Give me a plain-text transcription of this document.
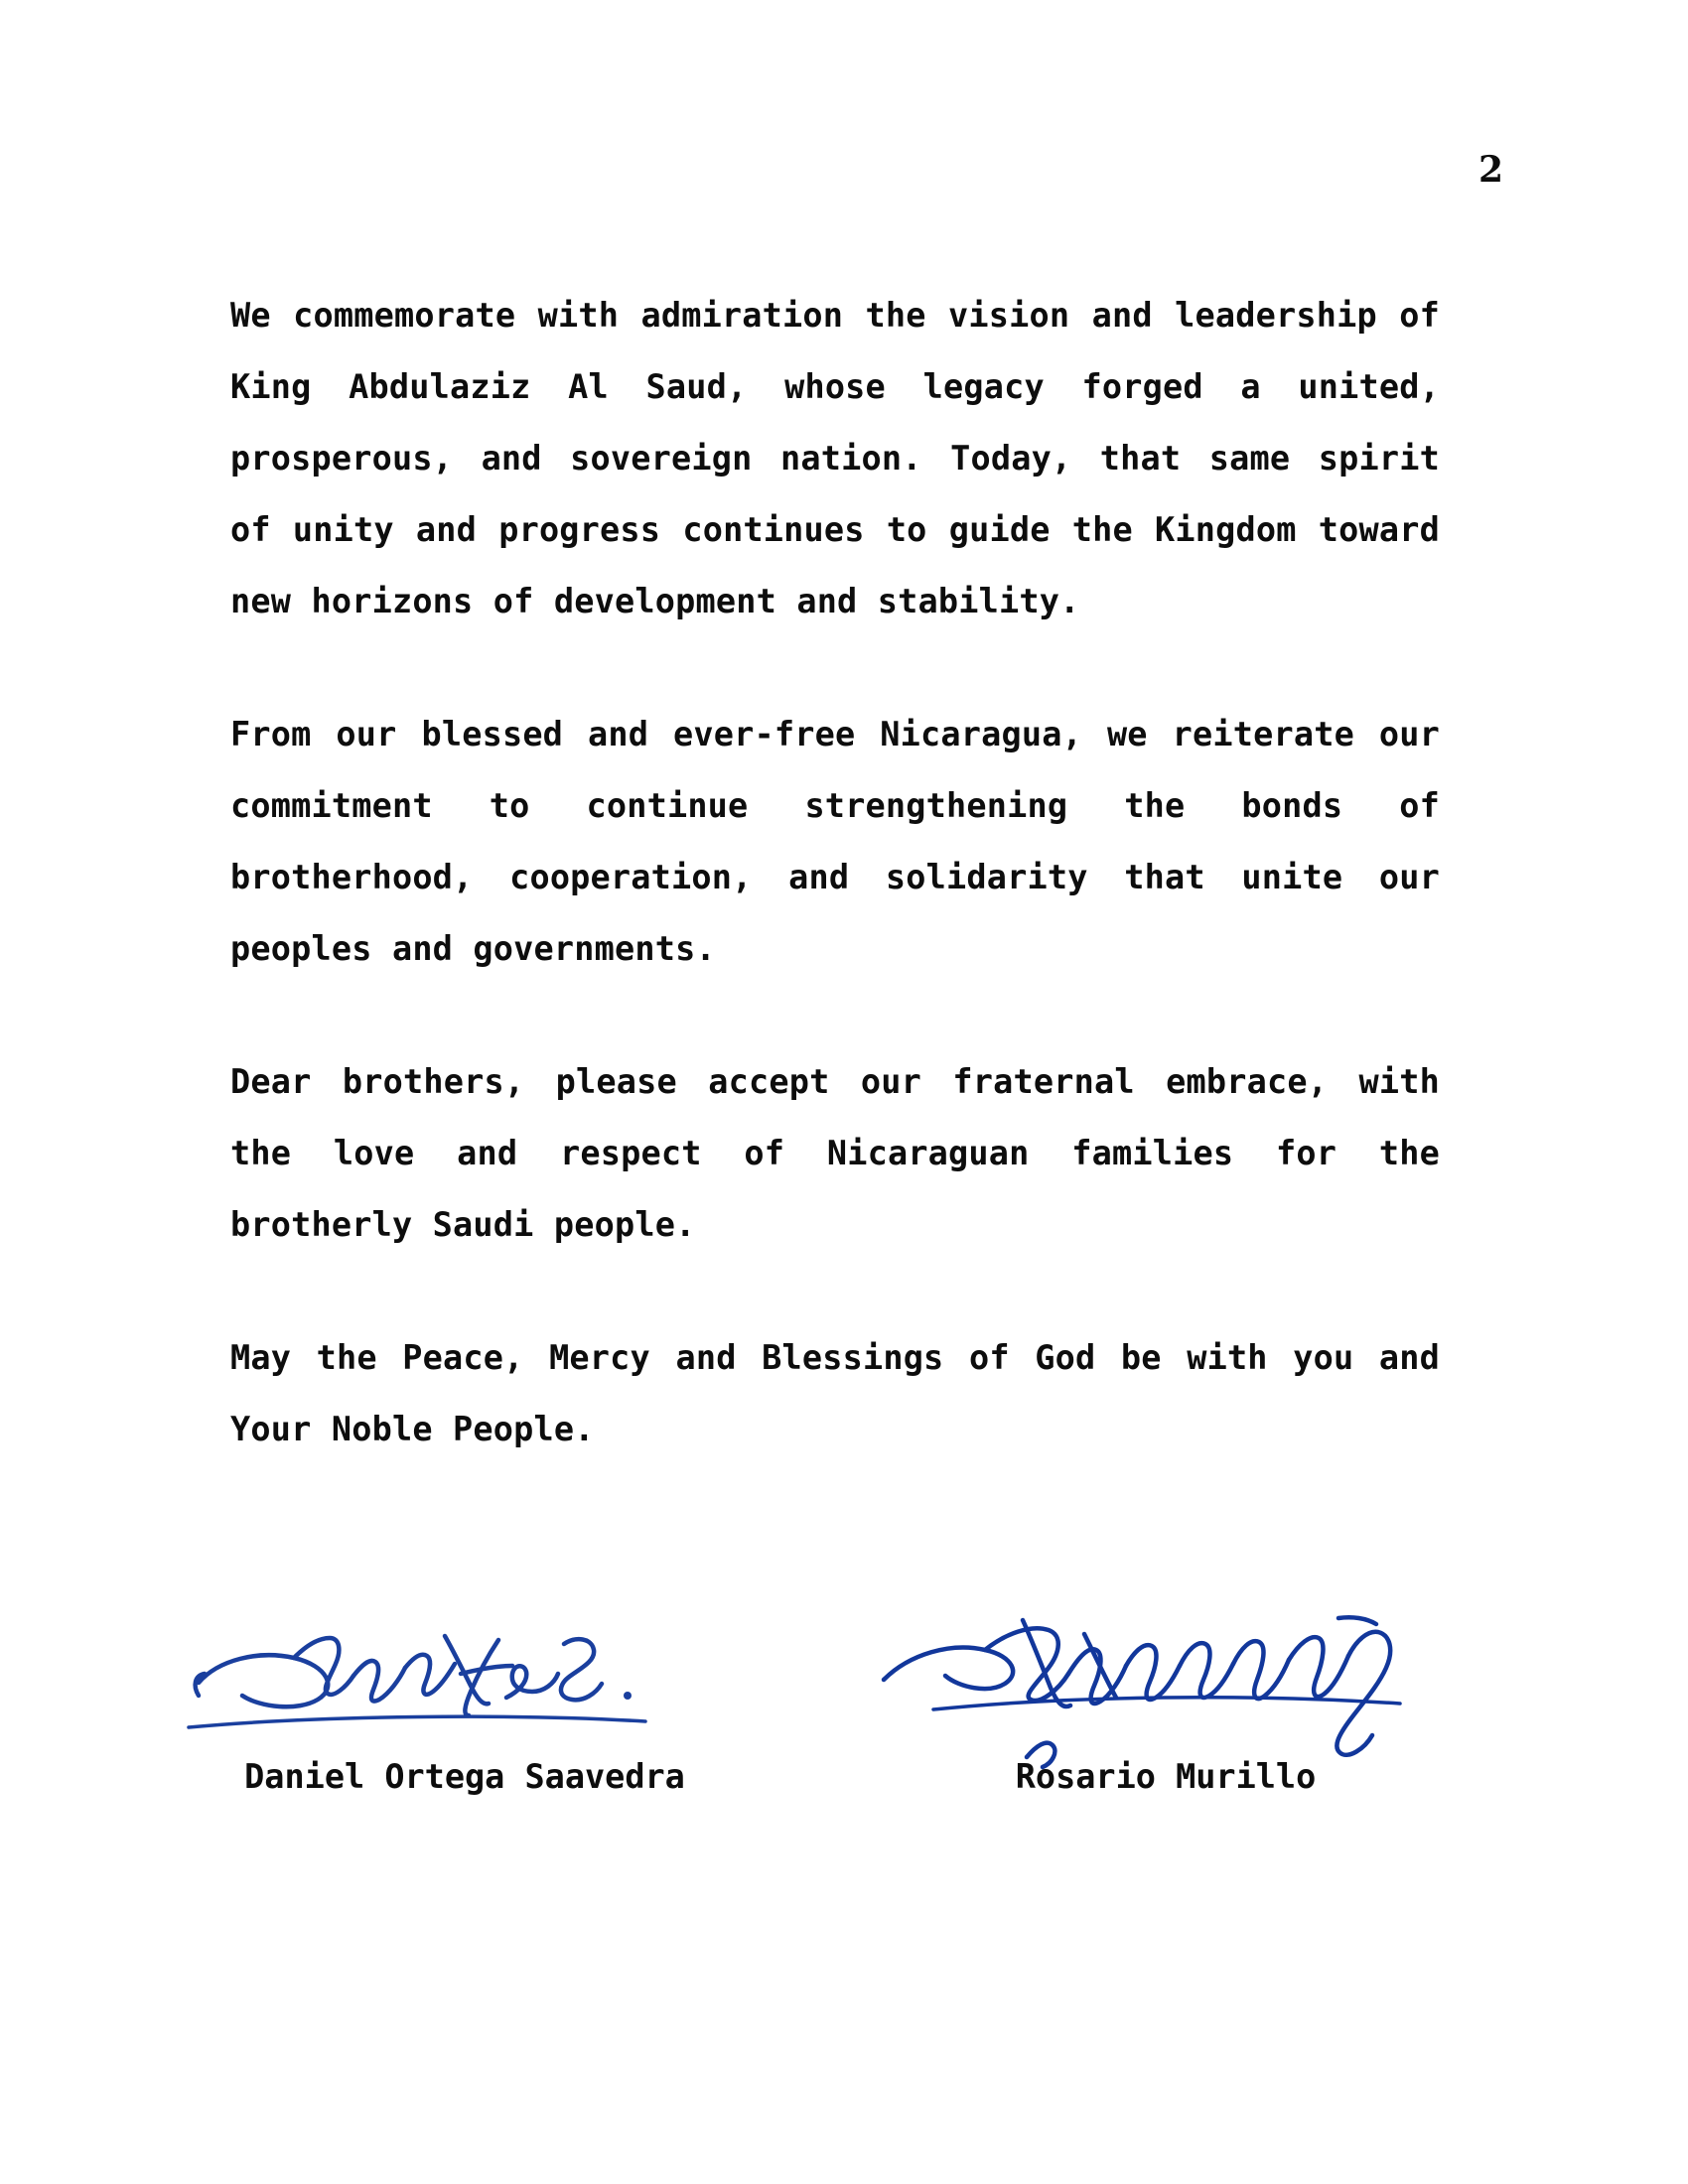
2

We commemorate with admiration the vision and leadership of King Abdulaziz Al Saud, whose legacy forged a united, prosperous, and sovereign nation. Today, that same spirit of unity and progress continues to guide the Kingdom toward new horizons of development and stability.

From our blessed and ever-free Nicaragua, we reiterate our commitment to continue strengthening the bonds of brotherhood, cooperation, and solidarity that unite our peoples and governments.

Dear brothers, please accept our fraternal embrace, with the love and respect of Nicaraguan families for the brotherly Saudi people.

May the Peace, Mercy and Blessings of God be with you and Your Noble People.

Daniel Ortega Saavedra	Rosario Murillo
